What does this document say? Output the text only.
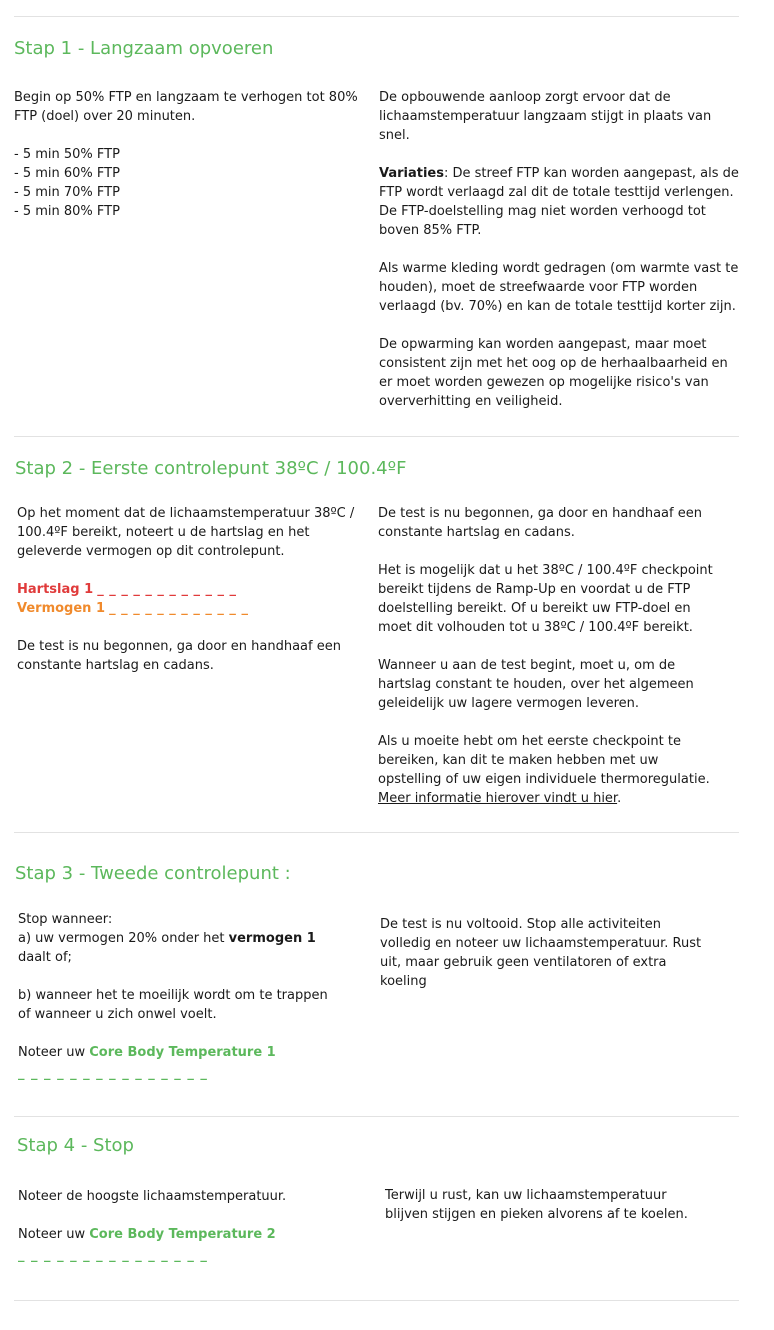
Stap 1 - Langzaam opvoeren

Begin op 50% FTP en langzaam te verhogen tot 80% FTP (doel) over 20 minuten.

- 5 min 50% FTP
- 5 min 60% FTP
- 5 min 70% FTP
- 5 min 80% FTP

De opbouwende aanloop zorgt ervoor dat de lichaamstemperatuur langzaam stijgt in plaats van snel.

Variaties: De streef FTP kan worden aangepast, als de FTP wordt verlaagd zal dit de totale testtijd verlengen. De FTP-doelstelling mag niet worden verhoogd tot boven 85% FTP.

Als warme kleding wordt gedragen (om warmte vast te houden), moet de streefwaarde voor FTP worden verlaagd (bv. 70%) en kan de totale testtijd korter zijn.

De opwarming kan worden aangepast, maar moet consistent zijn met het oog op de herhaalbaarheid en er moet worden gewezen op mogelijke risico's van oververhitting en veiligheid.

Stap 2 - Eerste controlepunt 38ºC / 100.4ºF

Op het moment dat de lichaamstemperatuur 38ºC / 100.4ºF bereikt, noteert u de hartslag en het geleverde vermogen op dit controlepunt.

Hartslag 1 _ _ _ _ _ _ _ _ _ _ _ _
Vermogen 1 _ _ _ _ _ _ _ _ _ _ _ _

De test is nu begonnen, ga door en handhaaf een constante hartslag en cadans.

De test is nu begonnen, ga door en handhaaf een constante hartslag en cadans.

Het is mogelijk dat u het 38ºC / 100.4ºF checkpoint bereikt tijdens de Ramp-Up en voordat u de FTP doelstelling bereikt. Of u bereikt uw FTP-doel en moet dit volhouden tot u 38ºC / 100.4ºF bereikt.

Wanneer u aan de test begint, moet u, om de hartslag constant te houden, over het algemeen geleidelijk uw lagere vermogen leveren.

Als u moeite hebt om het eerste checkpoint te bereiken, kan dit te maken hebben met uw opstelling of uw eigen individuele thermoregulatie.
Meer informatie hierover vindt u hier.

Stap 3 - Tweede controlepunt :
Stop wanneer:

a) uw vermogen 20% onder het vermogen 1 daalt of;

b) wanneer het te moeilijk wordt om te trappen of wanneer u zich onwel voelt.

Noteer uw Core Body Temperature 1
_ _ _ _ _ _ _ _ _ _ _ _ _ _ _

De test is nu voltooid. Stop alle activiteiten volledig en noteer uw lichaamstemperatuur. Rust uit, maar gebruik geen ventilatoren of extra koeling

Stap 4 - Stop

Noteer de hoogste lichaamstemperatuur.

Noteer uw Core Body Temperature 2
_ _ _ _ _ _ _ _ _ _ _ _ _ _ _

Terwijl u rust, kan uw lichaamstemperatuur blijven stijgen en pieken alvorens af te koelen.
